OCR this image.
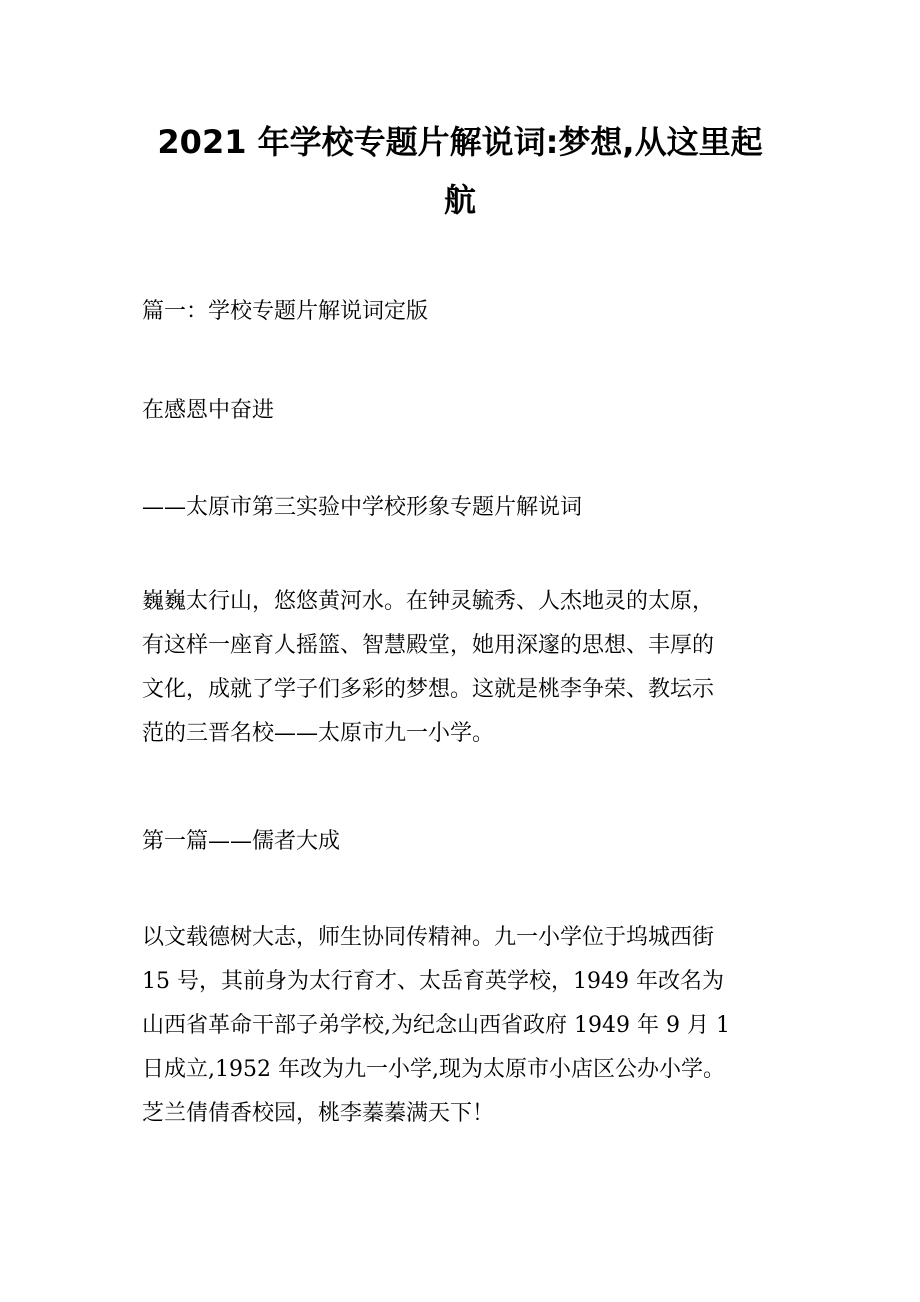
2021 年学校专题片解说词:梦想,从这里起
航

篇一：学校专题片解说词定版

在感恩中奋进

——太原市第三实验中学校形象专题片解说词

巍巍太行山，悠悠黄河水。在钟灵毓秀、人杰地灵的太原，
有这样一座育人摇篮、智慧殿堂，她用深邃的思想、丰厚的
文化，成就了学子们多彩的梦想。这就是桃李争荣、教坛示
范的三晋名校——太原市九一小学。

第一篇——儒者大成

以文载德树大志，师生协同传精神。九一小学位于坞城西街
15 号，其前身为太行育才、太岳育英学校，1949 年改名为
山西省革命干部子弟学校,为纪念山西省政府 1949 年 9 月 1
日成立,1952 年改为九一小学,现为太原市小店区公办小学。
芝兰倩倩香校园，桃李蓁蓁满天下！
